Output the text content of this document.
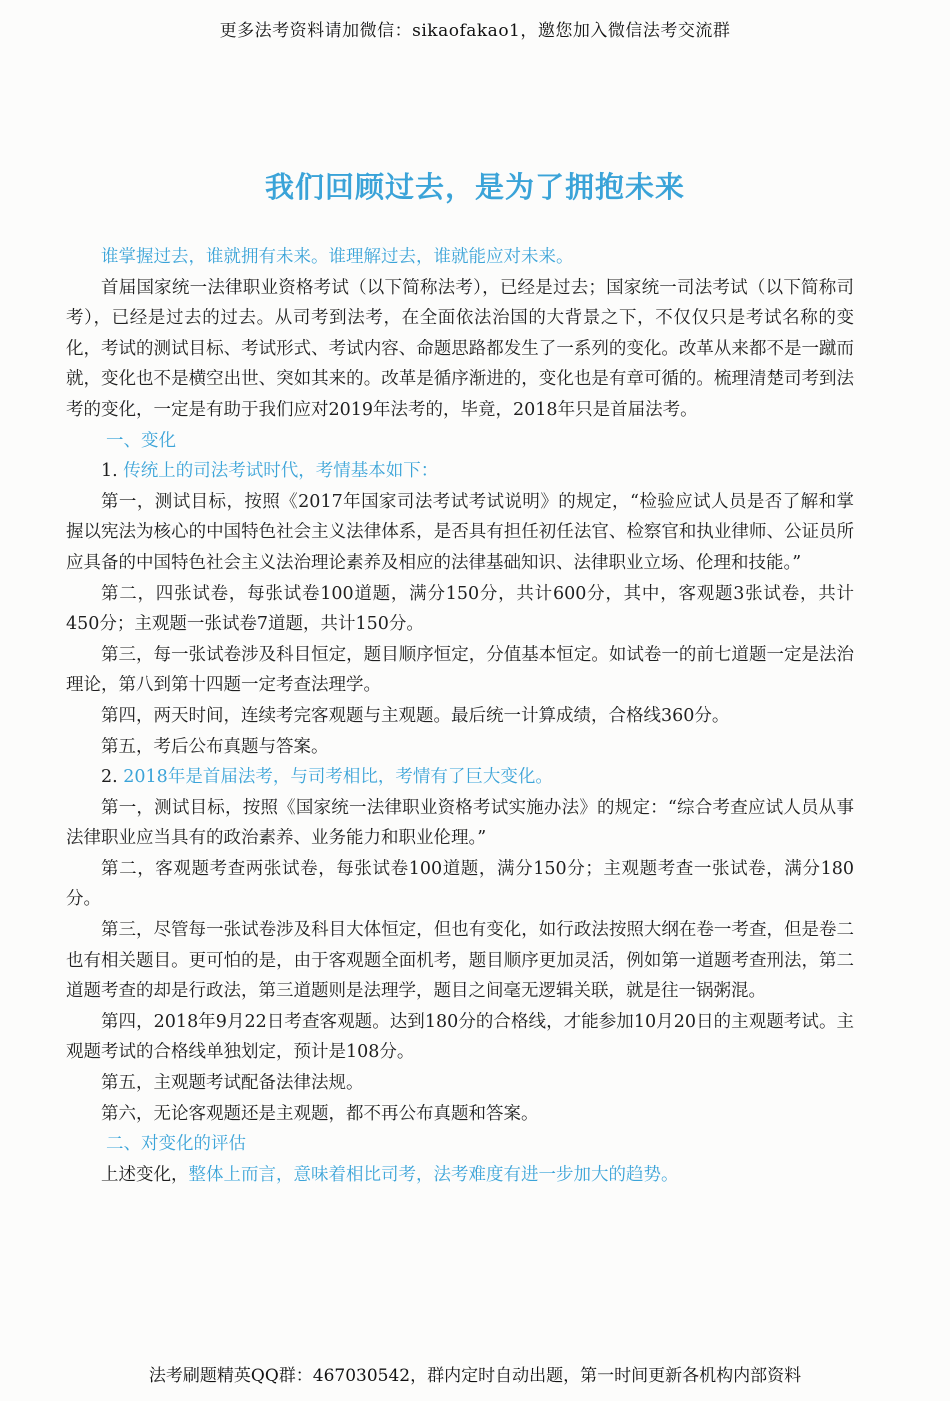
更多法考资料请加微信：sikaofakao1，邀您加入微信法考交流群
我们回顾过去，是为了拥抱未来

谁掌握过去，谁就拥有未来。谁理解过去，谁就能应对未来。

首届国家统一法律职业资格考试（以下简称法考），已经是过去；国家统一司法考试（以下简称司考），已经是过去的过去。从司考到法考，在全面依法治国的大背景之下，不仅仅只是考试名称的变化，考试的测试目标、考试形式、考试内容、命题思路都发生了一系列的变化。改革从来都不是一蹴而就，变化也不是横空出世、突如其来的。改革是循序渐进的，变化也是有章可循的。梳理清楚司考到法考的变化，一定是有助于我们应对2019年法考的，毕竟，2018年只是首届法考。

一、变化

1. 传统上的司法考试时代，考情基本如下：

第一，测试目标，按照《2017年国家司法考试考试说明》的规定，“检验应试人员是否了解和掌握以宪法为核心的中国特色社会主义法律体系，是否具有担任初任法官、检察官和执业律师、公证员所应具备的中国特色社会主义法治理论素养及相应的法律基础知识、法律职业立场、伦理和技能。”

第二，四张试卷，每张试卷100道题，满分150分，共计600分，其中，客观题3张试卷，共计450分；主观题一张试卷7道题，共计150分。

第三，每一张试卷涉及科目恒定，题目顺序恒定，分值基本恒定。如试卷一的前七道题一定是法治理论，第八到第十四题一定考查法理学。

第四，两天时间，连续考完客观题与主观题。最后统一计算成绩，合格线360分。

第五，考后公布真题与答案。

2. 2018年是首届法考，与司考相比，考情有了巨大变化。

第一，测试目标，按照《国家统一法律职业资格考试实施办法》的规定：“综合考查应试人员从事法律职业应当具有的政治素养、业务能力和职业伦理。”

第二，客观题考查两张试卷，每张试卷100道题，满分150分；主观题考查一张试卷，满分180分。

第三，尽管每一张试卷涉及科目大体恒定，但也有变化，如行政法按照大纲在卷一考查，但是卷二也有相关题目。更可怕的是，由于客观题全面机考，题目顺序更加灵活，例如第一道题考查刑法，第二道题考查的却是行政法，第三道题则是法理学，题目之间毫无逻辑关联，就是往一锅粥混。

第四，2018年9月22日考查客观题。达到180分的合格线，才能参加10月20日的主观题考试。主观题考试的合格线单独划定，预计是108分。

第五，主观题考试配备法律法规。

第六，无论客观题还是主观题，都不再公布真题和答案。

二、对变化的评估

上述变化，整体上而言，意味着相比司考，法考难度有进一步加大的趋势。

法考刷题精英QQ群：467030542，群内定时自动出题，第一时间更新各机构内部资料
